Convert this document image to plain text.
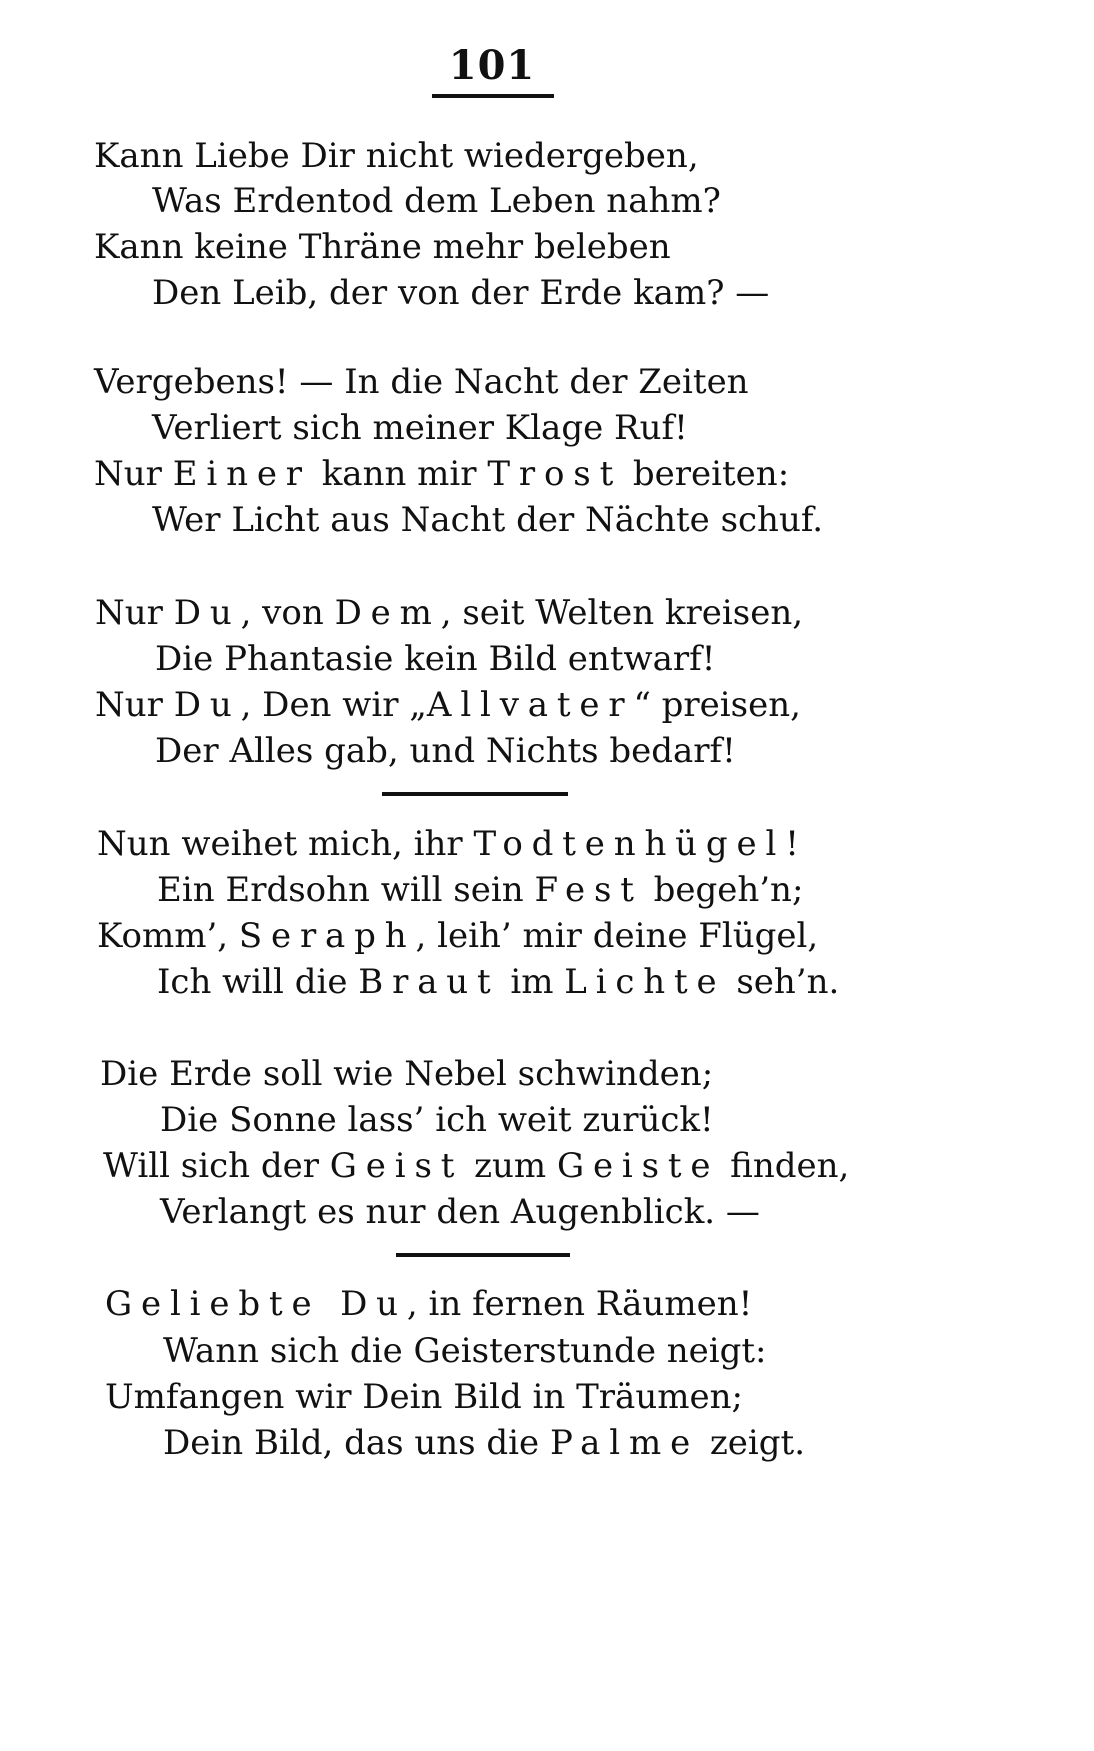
101
Kann Liebe Dir nicht wiedergeben,
Was Erdentod dem Leben nahm?
Kann keine Thräne mehr beleben
Den Leib, der von der Erde kam? —
Vergebens! — In die Nacht der Zeiten
Verliert sich meiner Klage Ruf!
Nur Einer kann mir Trost bereiten:
Wer Licht aus Nacht der Nächte schuf.
Nur Du, von Dem, seit Welten kreisen,
Die Phantasie kein Bild entwarf!
Nur Du, Den wir „Allvater“ preisen,
Der Alles gab, und Nichts bedarf!
Nun weihet mich, ihr Todtenhügel!
Ein Erdsohn will sein Fest begeh’n;
Komm’, Seraph, leih’ mir deine Flügel,
Ich will die Braut im Lichte seh’n.
Die Erde soll wie Nebel schwinden;
Die Sonne lass’ ich weit zurück!
Will sich der Geist zum Geiste finden,
Verlangt es nur den Augenblick. —
Geliebte Du, in fernen Räumen!
Wann sich die Geisterstunde neigt:
Umfangen wir Dein Bild in Träumen;
Dein Bild, das uns die Palme zeigt.
